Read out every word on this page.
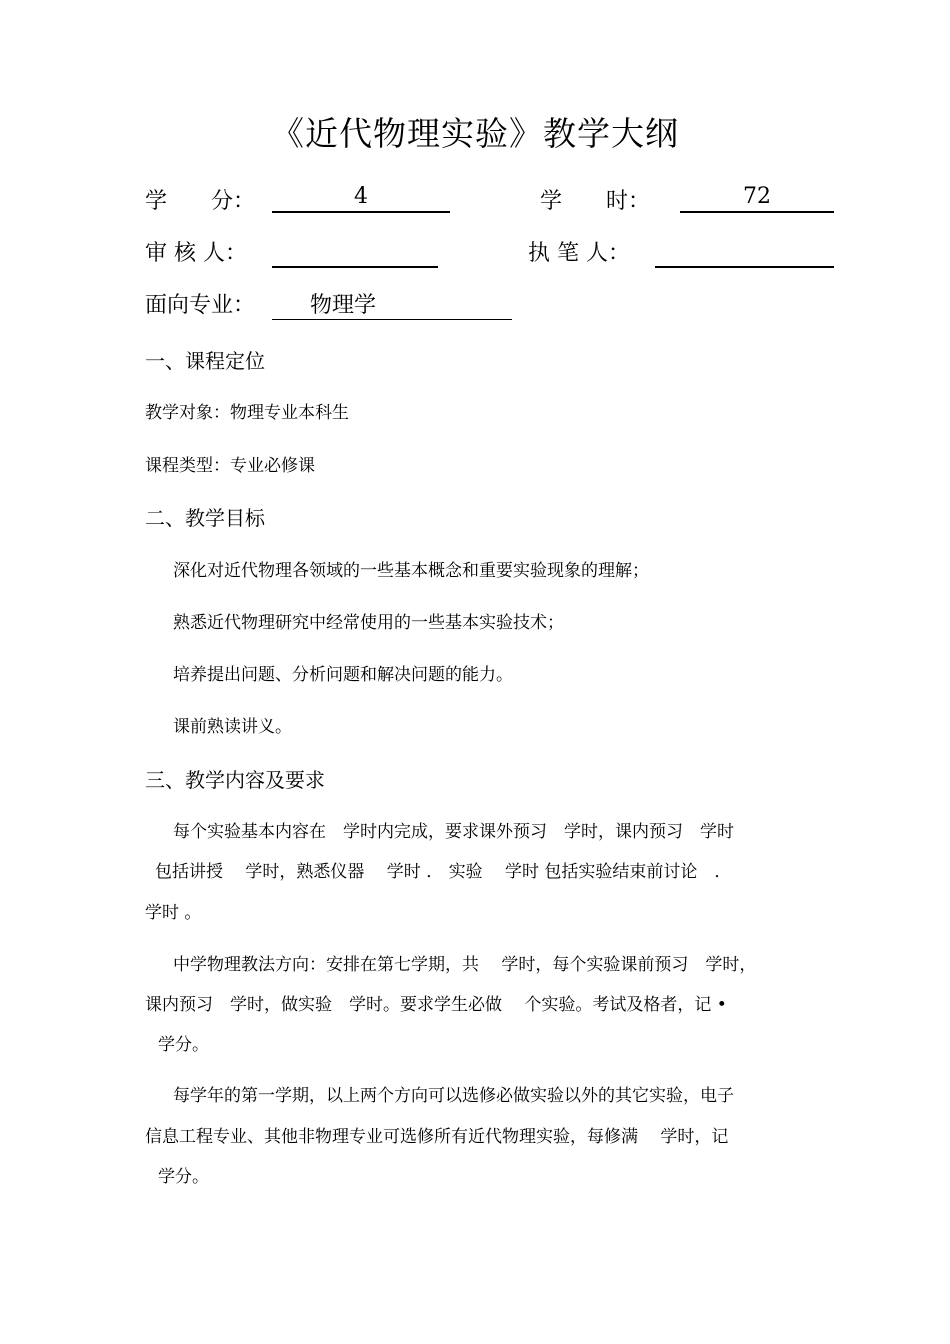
《近代物理实验》教学大纲
学　　分：	4	学　　时：	72
审 核 人：	执 笔 人：
面向专业： 物理学
一、课程定位
教学对象：物理专业本科生
课程类型：专业必修课
二、教学目标
深化对近代物理各领域的一些基本概念和重要实验现象的理解；
熟悉近代物理研究中经常使用的一些基本实验技术；
培养提出问题、分析问题和解决问题的能力。
课前熟读讲义。
三、教学内容及要求
每个实验基本内容在　学时内完成，要求课外预习　学时，课内预习　学时
包括讲授　 学时，熟悉仪器　 学时 ． 实验　 学时 包括实验结束前讨论　．
学时 。
中学物理教法方向：安排在第七学期，共　 学时，每个实验课前预习　学时，
课内预习　学时，做实验　学时。要求学生必做　 个实验。考试及格者，记 •
学分。
每学年的第一学期，以上两个方向可以选修必做实验以外的其它实验，电子
信息工程专业、其他非物理专业可选修所有近代物理实验，每修满　 学时，记
学分。
